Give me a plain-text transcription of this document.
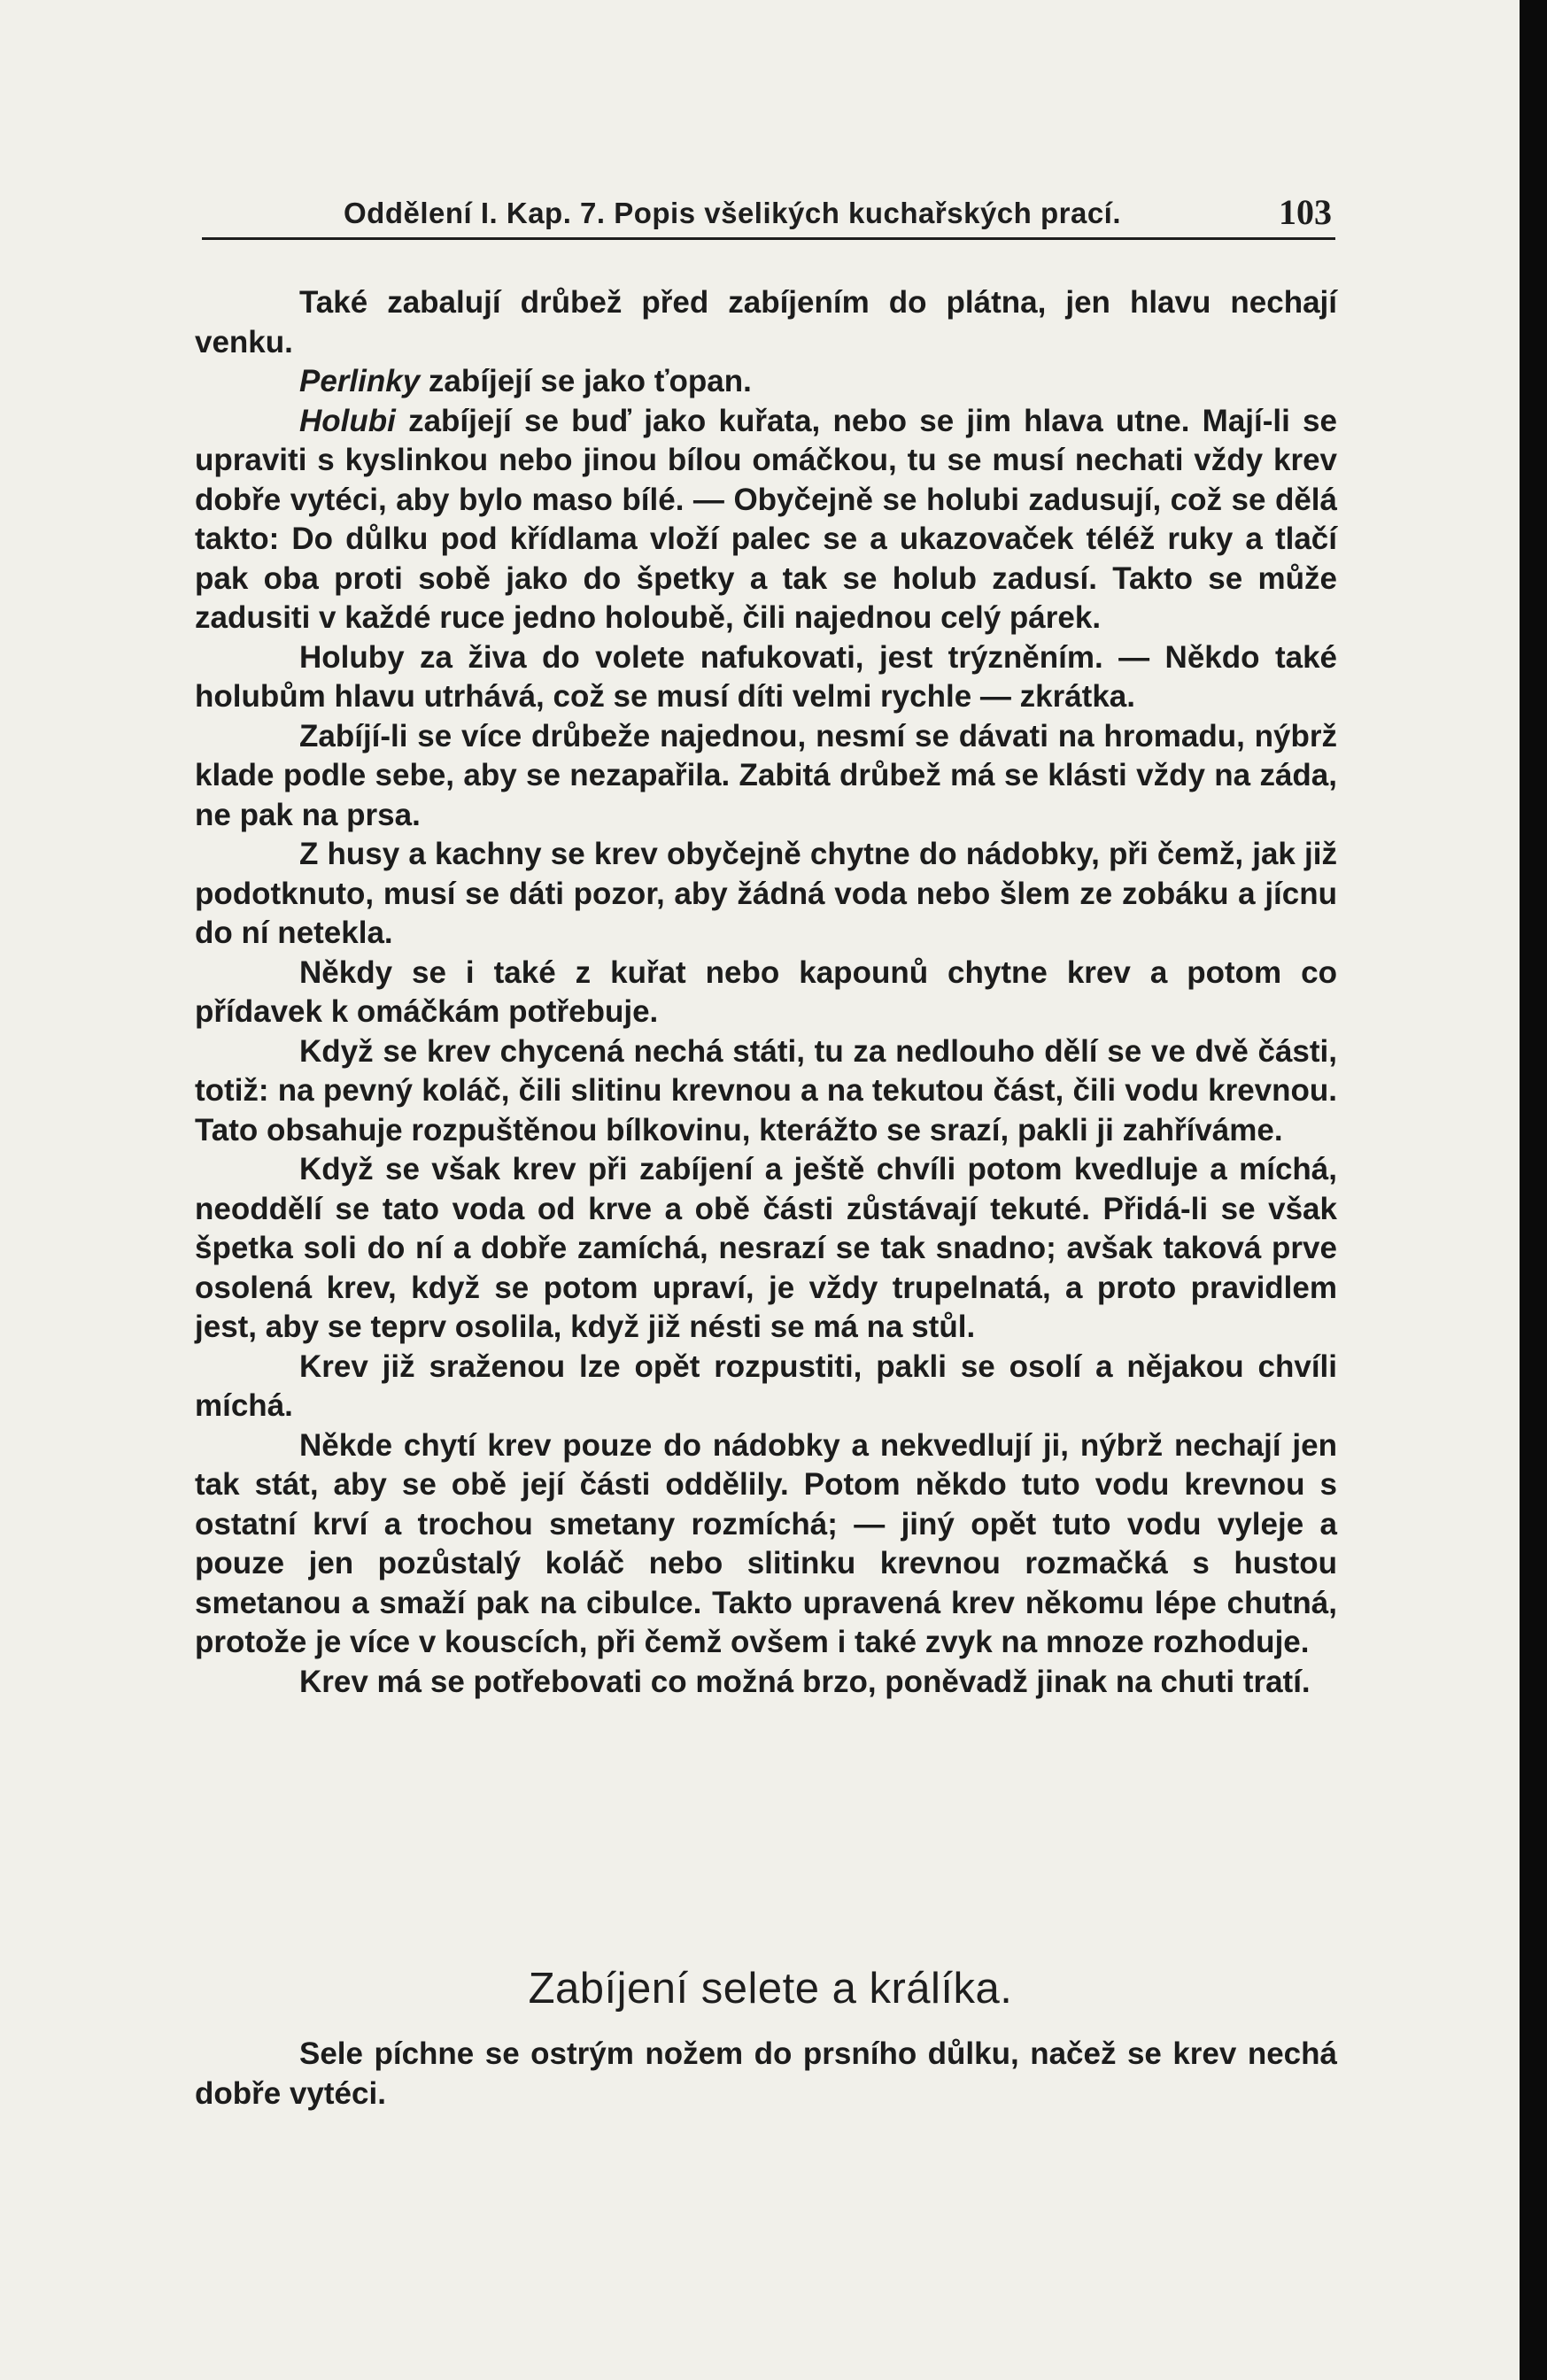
Oddělení I. Kap. 7. Popis všelikých kuchařských prací.	103

Také zabalují drůbež před zabíjením do plátna, jen hlavu nechají venku.

Perlinky zabíjejí se jako ťopan.

Holubi zabíjejí se buď jako kuřata, nebo se jim hlava utne. Mají-li se upraviti s kyslinkou nebo jinou bílou omáčkou, tu se musí nechati vždy krev dobře vytéci, aby bylo maso bílé. — Obyčejně se holubi zadusují, což se dělá takto: Do důlku pod křídlama vloží palec se a ukazovaček téléž ruky a tlačí pak oba proti sobě jako do špetky a tak se holub zadusí. Takto se může zadusiti v každé ruce jedno holoubě, čili najednou celý párek.

Holuby za živa do volete nafukovati, jest trýzněním. — Někdo také holubům hlavu utrhává, což se musí díti velmi rychle — zkrátka.

Zabíjí-li se více drůbeže najednou, nesmí se dávati na hromadu, nýbrž klade podle sebe, aby se nezapařila. Zabitá drůbež má se klásti vždy na záda, ne pak na prsa.

Z husy a kachny se krev obyčejně chytne do nádobky, při čemž, jak již podotknuto, musí se dáti pozor, aby žádná voda nebo šlem ze zobáku a jícnu do ní netekla.

Někdy se i také z kuřat nebo kapounů chytne krev a potom co přídavek k omáčkám potřebuje.

Když se krev chycená nechá státi, tu za nedlouho dělí se ve dvě části, totiž: na pevný koláč, čili slitinu krevnou a na tekutou část, čili vodu krevnou. Tato obsahuje rozpuštěnou bílkovinu, kterážto se srazí, pakli ji zahříváme.

Když se však krev při zabíjení a ještě chvíli potom kvedluje a míchá, neoddělí se tato voda od krve a obě části zůstávají tekuté. Přidá-li se však špetka soli do ní a dobře zamíchá, nesrazí se tak snadno; avšak taková prve osolená krev, když se potom upraví, je vždy trupelnatá, a proto pravidlem jest, aby se teprv osolila, když již nésti se má na stůl.

Krev již sraženou lze opět rozpustiti, pakli se osolí a nějakou chvíli míchá.

Někde chytí krev pouze do nádobky a nekvedlují ji, nýbrž nechají jen tak stát, aby se obě její části oddělily. Potom někdo tuto vodu krevnou s ostatní krví a trochou smetany rozmíchá; — jiný opět tuto vodu vyleje a pouze jen pozůstalý koláč nebo slitinku krevnou rozmačká s hustou smetanou a smaží pak na cibulce. Takto upravená krev někomu lépe chutná, protože je více v kouscích, při čemž ovšem i také zvyk na mnoze rozhoduje.

Krev má se potřebovati co možná brzo, poněvadž jinak na chuti tratí.

Zabíjení selete a králíka.

Sele píchne se ostrým nožem do prsního důlku, načež se krev nechá dobře vytéci.
